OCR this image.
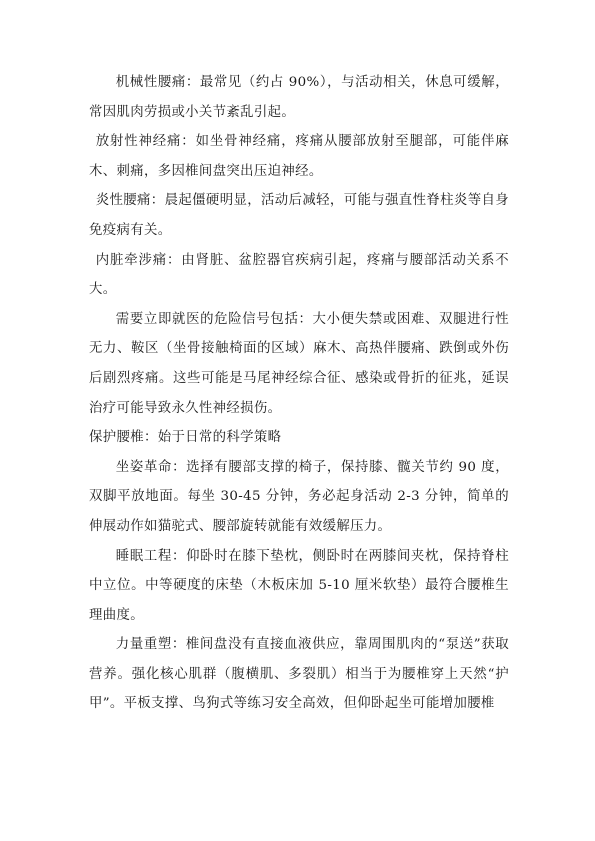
机械性腰痛：最常见（约占 90%），与活动相关，休息可缓解，常因肌肉劳损或小关节紊乱引起。

放射性神经痛：如坐骨神经痛，疼痛从腰部放射至腿部，可能伴麻木、刺痛，多因椎间盘突出压迫神经。

炎性腰痛：晨起僵硬明显，活动后减轻，可能与强直性脊柱炎等自身免疫病有关。

内脏牵涉痛：由肾脏、盆腔器官疾病引起，疼痛与腰部活动关系不大。

需要立即就医的危险信号包括：大小便失禁或困难、双腿进行性无力、鞍区（坐骨接触椅面的区域）麻木、高热伴腰痛、跌倒或外伤后剧烈疼痛。这些可能是马尾神经综合征、感染或骨折的征兆，延误治疗可能导致永久性神经损伤。

保护腰椎：始于日常的科学策略

坐姿革命：选择有腰部支撑的椅子，保持膝、髋关节约 90 度，双脚平放地面。每坐 30-45 分钟，务必起身活动 2-3 分钟，简单的伸展动作如猫驼式、腰部旋转就能有效缓解压力。

睡眠工程：仰卧时在膝下垫枕，侧卧时在两膝间夹枕，保持脊柱中立位。中等硬度的床垫（木板床加 5-10 厘米软垫）最符合腰椎生理曲度。

力量重塑：椎间盘没有直接血液供应，靠周围肌肉的“泵送”获取营养。强化核心肌群（腹横肌、多裂肌）相当于为腰椎穿上天然“护甲”。平板支撑、鸟狗式等练习安全高效，但仰卧起坐可能增加腰椎
